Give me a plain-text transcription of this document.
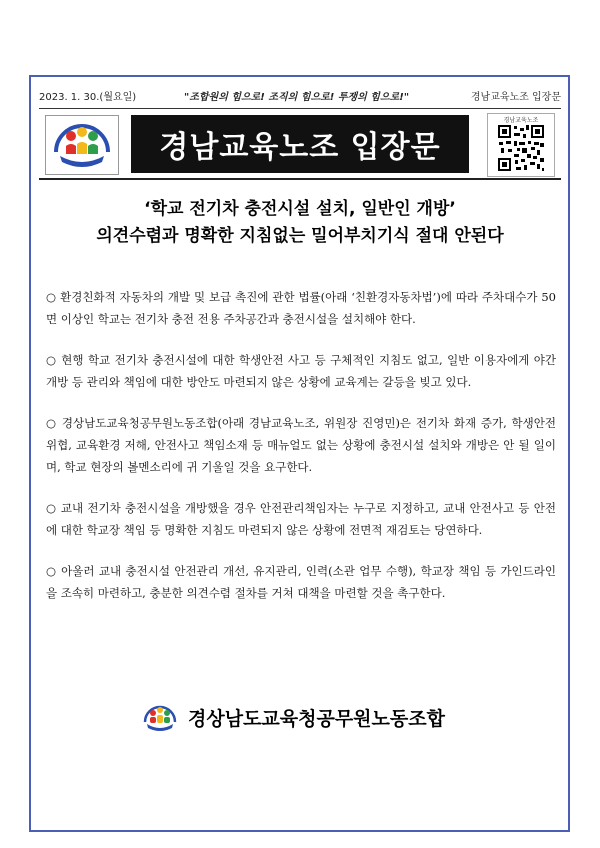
2023. 1. 30.(월요일)	"조합원의 힘으로! 조직의 힘으로! 투쟁의 힘으로!"	경남교육노조 입장문
경남교육노조 입장문
경남교육노조
‘학교 전기차 충전시설 설치, 일반인 개방’
의견수렴과 명확한 지침없는 밀어부치기식 절대 안된다

○ 환경친화적 자동차의 개발 및 보급 촉진에 관한 법률(아래 ‘친환경자동차법’)에 따라 주차대수가 50면 이상인 학교는 전기차 충전 전용 주차공간과 충전시설을 설치해야 한다.

○ 현행 학교 전기차 충전시설에 대한 학생안전 사고 등 구체적인 지침도 없고, 일반 이용자에게 야간 개방 등 관리와 책임에 대한 방안도 마련되지 않은 상황에 교육계는 갈등을 빚고 있다.

○ 경상남도교육청공무원노동조합(아래 경남교육노조, 위원장 진영민)은 전기차 화재 증가, 학생안전 위협, 교육환경 저해, 안전사고 책임소재 등 매뉴얼도 없는 상황에 충전시설 설치와 개방은 안 될 일이며, 학교 현장의 볼멘소리에 귀 기울일 것을 요구한다.

○ 교내 전기차 충전시설을 개방했을 경우 안전관리책임자는 누구로 지정하고, 교내 안전사고 등 안전에 대한 학교장 책임 등 명확한 지침도 마련되지 않은 상황에 전면적 재검토는 당연하다.

○ 아울러 교내 충전시설 안전관리 개선, 유지관리, 인력(소관 업무 수행), 학교장 책임 등 가인드라인을 조속히 마련하고, 충분한 의견수렴 절차를 거쳐 대책을 마련할 것을 촉구한다.

경상남도교육청공무원노동조합
